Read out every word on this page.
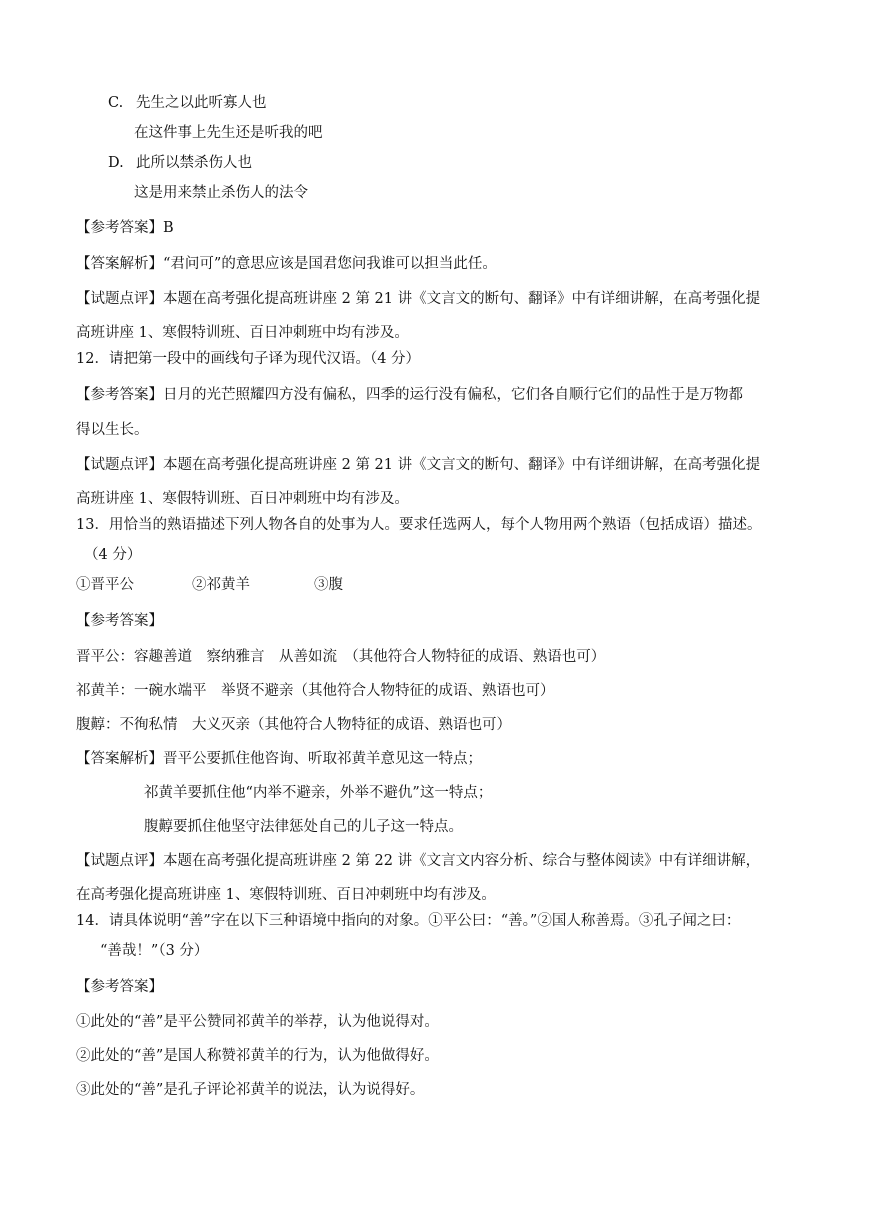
C. 先生之以此听寡人也
在这件事上先生还是听我的吧
D. 此所以禁杀伤人也
这是用来禁止杀伤人的法令
【参考答案】B
【答案解析】“君问可”的意思应该是国君您问我谁可以担当此任。
【试题点评】本题在高考强化提高班讲座 2 第 21 讲《文言文的断句、翻译》中有详细讲解，在高考强化提
高班讲座 1、寒假特训班、百日冲刺班中均有涉及。
12．请把第一段中的画线句子译为现代汉语。（4 分）
【参考答案】日月的光芒照耀四方没有偏私，四季的运行没有偏私，它们各自顺行它们的品性于是万物都
得以生长。
【试题点评】本题在高考强化提高班讲座 2 第 21 讲《文言文的断句、翻译》中有详细讲解，在高考强化提
高班讲座 1、寒假特训班、百日冲刺班中均有涉及。
13．用恰当的熟语描述下列人物各自的处事为人。要求任选两人，每个人物用两个熟语（包括成语）描述。
（4 分）
①晋平公	②祁黄羊	③腹
【参考答案】
晋平公：容趣善道　察纳雅言　从善如流　（其他符合人物特征的成语、熟语也可）
祁黄羊：一碗水端平　举贤不避亲（其他符合人物特征的成语、熟语也可）
腹䵍：不徇私情　大义灭亲（其他符合人物特征的成语、熟语也可）
【答案解析】晋平公要抓住他咨询、听取祁黄羊意见这一特点；
祁黄羊要抓住他“内举不避亲，外举不避仇”这一特点；
腹䵍要抓住他坚守法律惩处自己的儿子这一特点。
【试题点评】本题在高考强化提高班讲座 2 第 22 讲《文言文内容分析、综合与整体阅读》中有详细讲解，
在高考强化提高班讲座 1、寒假特训班、百日冲刺班中均有涉及。
14．请具体说明“善”字在以下三种语境中指向的对象。①平公曰：“善。”②国人称善焉。③孔子闻之曰：
“善哉！”（3 分）
【参考答案】
①此处的“善”是平公赞同祁黄羊的举荐，认为他说得对。
②此处的“善”是国人称赞祁黄羊的行为，认为他做得好。
③此处的“善”是孔子评论祁黄羊的说法，认为说得好。
